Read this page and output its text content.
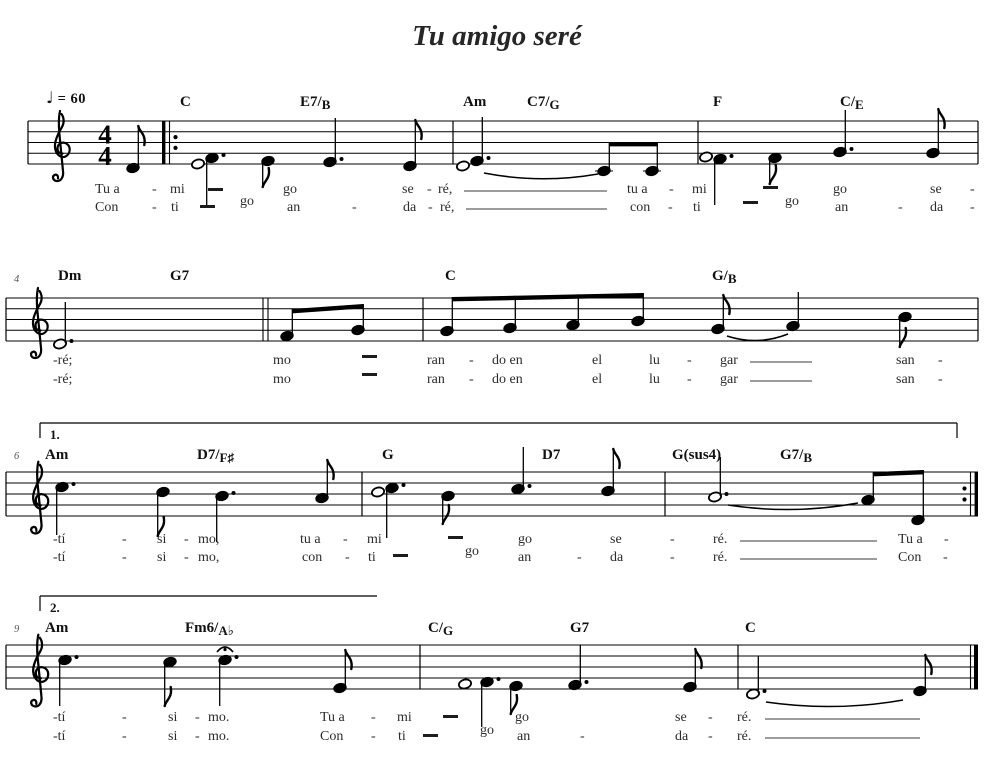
4
4
Tu amigo seré
♩ = 60	C	E7/B	Am	C7/G	F	C/E
Tu a - mi	go	se - ré,	tu a - mi	go	se -
Con - ti	go an	-	da - ré,	con - ti	go	an	- da -
4	Dm	G7	C	G/B
-ré;	mo	ran - do en	el	lu - gar	san -
-ré;	mo	ran - do en	el	lu - gar	san -
1.
6 Am	D7/F♯	G	D7	G(sus4)	G7/B
-tí	- si - mo,	tu a - mi	go	se	-	ré.	Tu a -
-tí	- si - mo,	con - ti	go	an	- da	-	ré.	Con -
2.
9 Am	Fm6/A♭	C/G	G7	C
-tí	-	si - mo.	Tu a - mi	go	se - ré.
-tí	-	si - mo.	Con - ti	go an	-	da - ré.
